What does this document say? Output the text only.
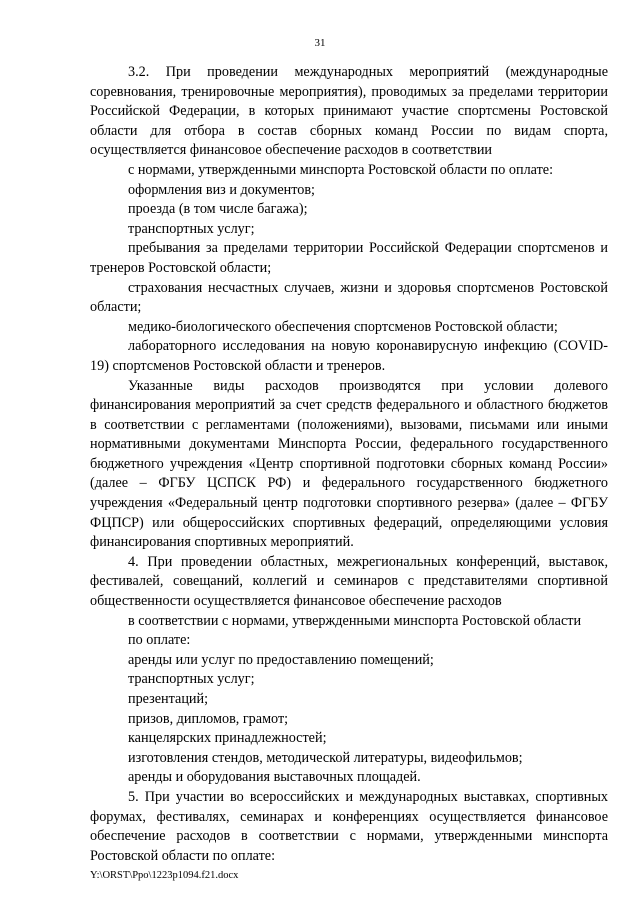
31

3.2. При проведении международных мероприятий (международные соревнования, тренировочные мероприятия), проводимых за пределами территории Российской Федерации, в которых принимают участие спортсмены Ростовской области для отбора в состав сборных команд России по видам спорта, осуществляется финансовое обеспечение расходов в соответствии

с нормами, утвержденными минспорта Ростовской области по оплате:

оформления виз и документов;

проезда (в том числе багажа);

транспортных услуг;

пребывания за пределами территории Российской Федерации спортсменов и тренеров Ростовской области;

страхования несчастных случаев, жизни и здоровья спортсменов Ростовской области;

медико-биологического обеспечения спортсменов Ростовской области;

лабораторного исследования на новую коронавирусную инфекцию (COVID-19) спортсменов Ростовской области и тренеров.

Указанные виды расходов производятся при условии долевого финансирования мероприятий за счет средств федерального и областного бюджетов в соответствии с регламентами (положениями), вызовами, письмами или иными нормативными документами Минспорта России, федерального государственного бюджетного учреждения «Центр спортивной подготовки сборных команд России» (далее – ФГБУ ЦСПСК РФ) и федерального государственного бюджетного учреждения «Федеральный центр подготовки спортивного резерва» (далее – ФГБУ ФЦПСР) или общероссийских спортивных федераций, определяющими условия финансирования спортивных мероприятий.

4. При проведении областных, межрегиональных конференций, выставок, фестивалей, совещаний, коллегий и семинаров с представителями спортивной общественности осуществляется финансовое обеспечение расходов

в соответствии с нормами, утвержденными минспорта Ростовской области

по оплате:

аренды или услуг по предоставлению помещений;

транспортных услуг;

презентаций;

призов, дипломов, грамот;

канцелярских принадлежностей;

изготовления стендов, методической литературы, видеофильмов;

аренды и оборудования выставочных площадей.

5. При участии во всероссийских и международных выставках, спортивных форумах, фестивалях, семинарах и конференциях осуществляется финансовое обеспечение расходов в соответствии с нормами, утвержденными минспорта Ростовской области по оплате:

Y:\ORST\Ppo\1223p1094.f21.docx
